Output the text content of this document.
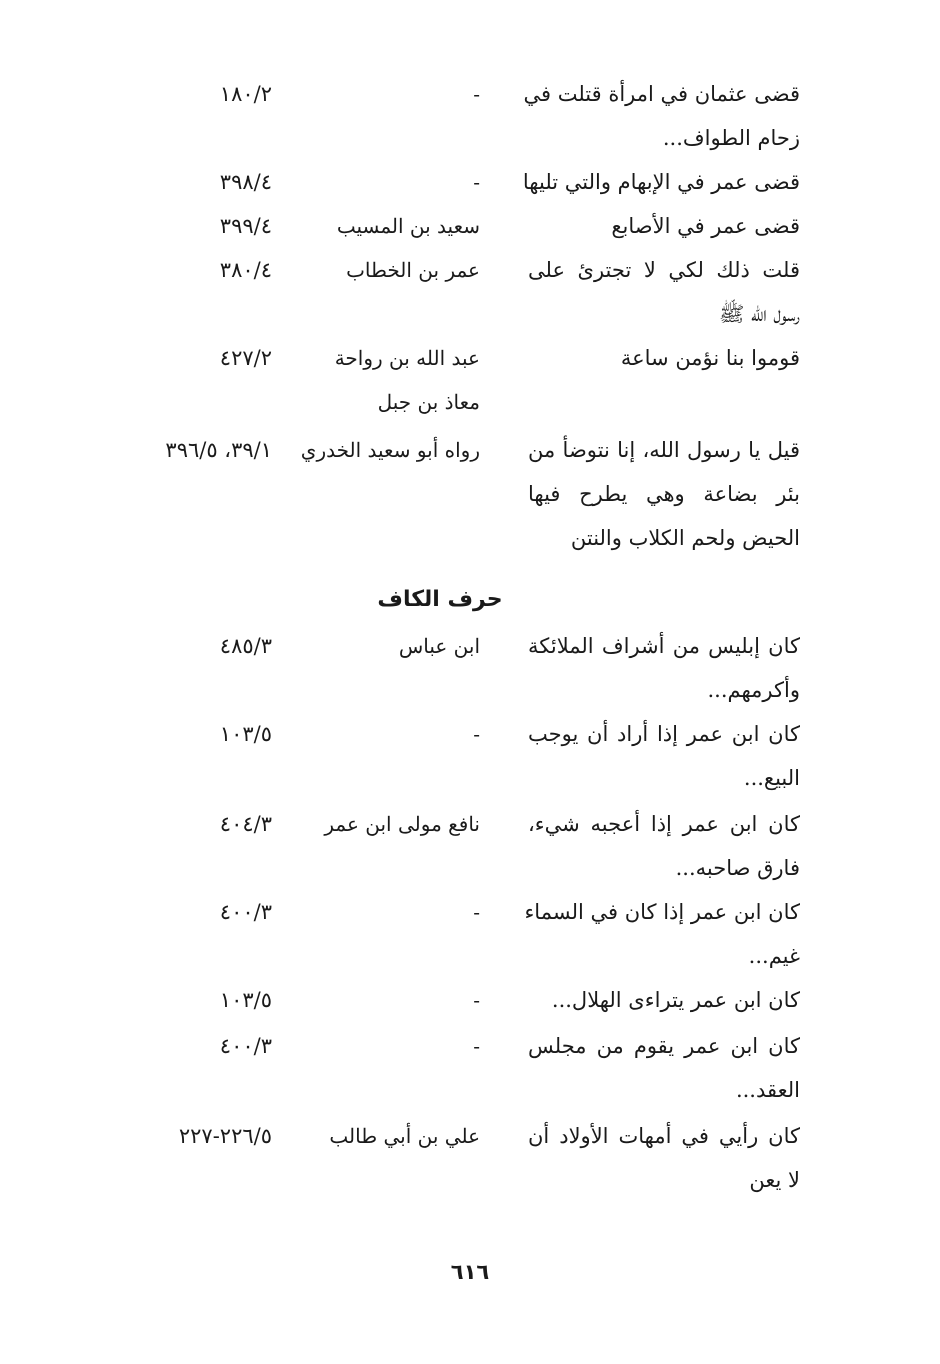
قضى عثمان في امرأة قتلت في
زحام الطواف...
-
١٨٠/٢
قضى عمر في الإبهام والتي تليها
-
٣٩٨/٤
قضى عمر في الأصابع
سعيد بن المسيب
٣٩٩/٤
قلت ذلك لكي لا تجترئ على
رسول الله ﷺ
عمر بن الخطاب
٣٨٠/٤
قوموا بنا نؤمن ساعة
عبد الله بن رواحة
معاذ بن جبل
٤٢٧/٢
قيل يا رسول الله، إنا نتوضأ من
بئر بضاعة وهي يطرح فيها
الحيض ولحم الكلاب والنتن
رواه أبو سعيد الخدري
٣٩/١، ٣٩٦/٥
حرف الكاف
كان إبليس من أشراف الملائكة
وأكرمهم...
ابن عباس
٤٨٥/٣
كان ابن عمر إذا أراد أن يوجب
البيع...
-
١٠٣/٥
كان ابن عمر إذا أعجبه شيء،
فارق صاحبه...
نافع مولى ابن عمر
٤٠٤/٣
كان ابن عمر إذا كان في السماء
غيم...
-
٤٠٠/٣
كان ابن عمر يتراءى الهلال...
-
١٠٣/٥
كان ابن عمر يقوم من مجلس
العقد...
-
٤٠٠/٣
كان رأيي في أمهات الأولاد أن
لا يعن
علي بن أبي طالب
٢٢٦/٥-٢٢٧
٦١٦
